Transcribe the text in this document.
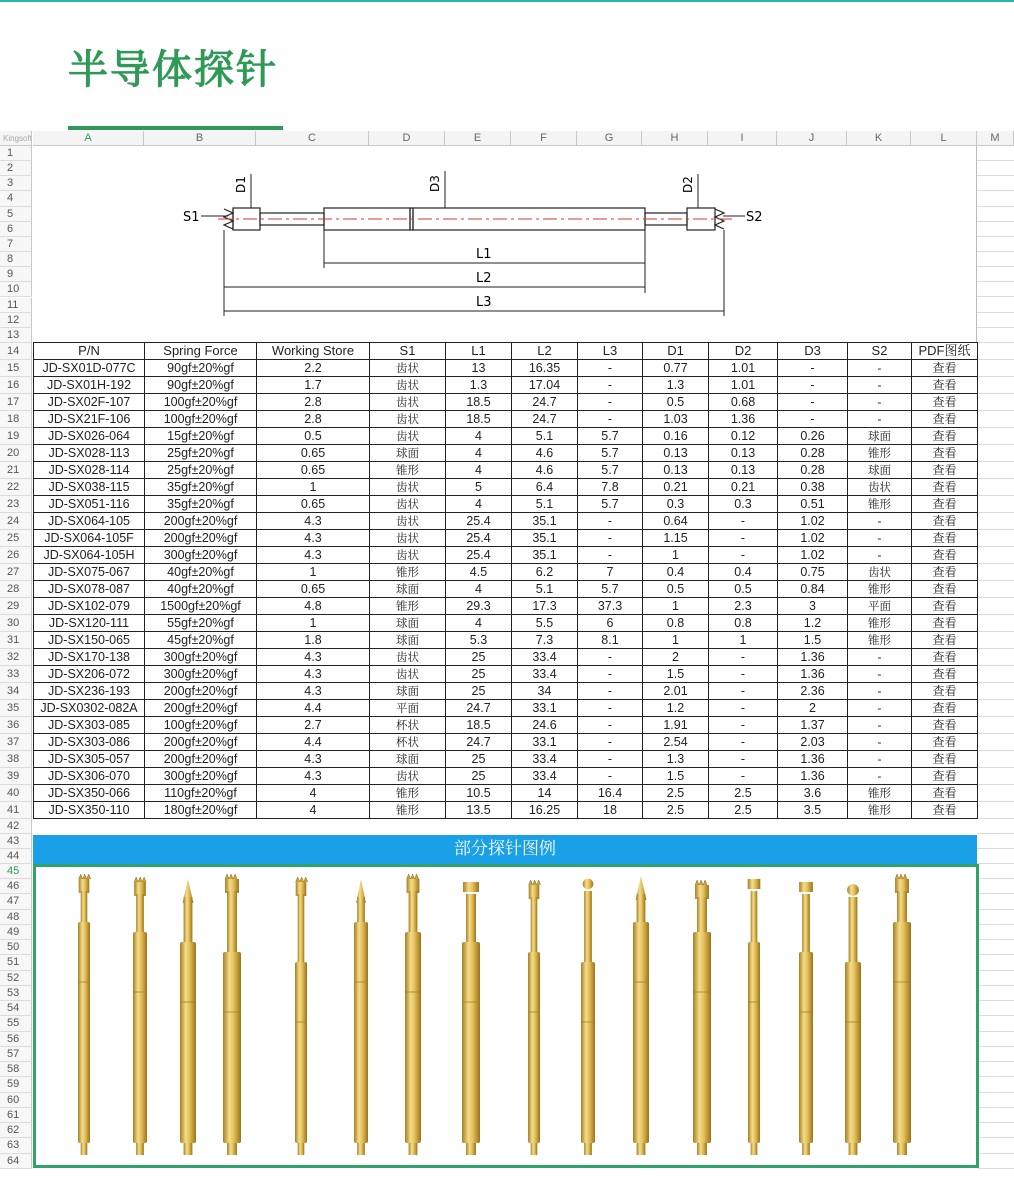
半导体探针
Kingsoft	A	B	C	D	E	F	G	H	I	J	K	L	M
1
2
3
4
5
6
7
8
9
10
11
12
13
14
15
16
17
18
19
20
21
22
23
24
25
26
27
28
29
30
31
32
33
34
35
36
37
38
39
40
41
42
43
44
45
46
47
48
49
50
51
52
53
54
55
56
57
58
59
60
61
62
63
64
S1	S2
D1	D3	D2
L1
L2
L3
P/N	Spring Force	Working Store	S1	L1	L2	L3	D1	D2	D3	S2	PDF图纸
JD-SX01D-077C	90gf±20%gf	2.2	齿状	13	16.35	-	0.77	1.01	-	-	查看
JD-SX01H-192	90gf±20%gf	1.7	齿状	1.3	17.04	-	1.3	1.01	-	-	查看
JD-SX02F-107	100gf±20%gf	2.8	齿状	18.5	24.7	-	0.5	0.68	-	-	查看
JD-SX21F-106	100gf±20%gf	2.8	齿状	18.5	24.7	-	1.03	1.36	-	-	查看
JD-SX026-064	15gf±20%gf	0.5	齿状	4	5.1	5.7	0.16	0.12	0.26	球面	查看
JD-SX028-113	25gf±20%gf	0.65	球面	4	4.6	5.7	0.13	0.13	0.28	锥形	查看
JD-SX028-114	25gf±20%gf	0.65	锥形	4	4.6	5.7	0.13	0.13	0.28	球面	查看
JD-SX038-115	35gf±20%gf	1	齿状	5	6.4	7.8	0.21	0.21	0.38	齿状	查看
JD-SX051-116	35gf±20%gf	0.65	齿状	4	5.1	5.7	0.3	0.3	0.51	锥形	查看
JD-SX064-105	200gf±20%gf	4.3	齿状	25.4	35.1	-	0.64	-	1.02	-	查看
JD-SX064-105F	200gf±20%gf	4.3	齿状	25.4	35.1	-	1.15	-	1.02	-	查看
JD-SX064-105H	300gf±20%gf	4.3	齿状	25.4	35.1	-	1	-	1.02	-	查看
JD-SX075-067	40gf±20%gf	1	锥形	4.5	6.2	7	0.4	0.4	0.75	齿状	查看
JD-SX078-087	40gf±20%gf	0.65	球面	4	5.1	5.7	0.5	0.5	0.84	锥形	查看
JD-SX102-079	1500gf±20%gf	4.8	锥形	29.3	17.3	37.3	1	2.3	3	平面	查看
JD-SX120-111	55gf±20%gf	1	球面	4	5.5	6	0.8	0.8	1.2	锥形	查看
JD-SX150-065	45gf±20%gf	1.8	球面	5.3	7.3	8.1	1	1	1.5	锥形	查看
JD-SX170-138	300gf±20%gf	4.3	齿状	25	33.4	-	2	-	1.36	-	查看
JD-SX206-072	300gf±20%gf	4.3	齿状	25	33.4	-	1.5	-	1.36	-	查看
JD-SX236-193	200gf±20%gf	4.3	球面	25	34	-	2.01	-	2.36	-	查看
JD-SX0302-082A	200gf±20%gf	4.4	平面	24.7	33.1	-	1.2	-	2	-	查看
JD-SX303-085	100gf±20%gf	2.7	杯状	18.5	24.6	-	1.91	-	1.37	-	查看
JD-SX303-086	200gf±20%gf	4.4	杯状	24.7	33.1	-	2.54	-	2.03	-	查看
JD-SX305-057	200gf±20%gf	4.3	球面	25	33.4	-	1.3	-	1.36	-	查看
JD-SX306-070	300gf±20%gf	4.3	齿状	25	33.4	-	1.5	-	1.36	-	查看
JD-SX350-066	110gf±20%gf	4	锥形	10.5	14	16.4	2.5	2.5	3.6	锥形	查看
JD-SX350-110	180gf±20%gf	4	锥形	13.5	16.25	18	2.5	2.5	3.5	锥形	查看
部分探针图例
